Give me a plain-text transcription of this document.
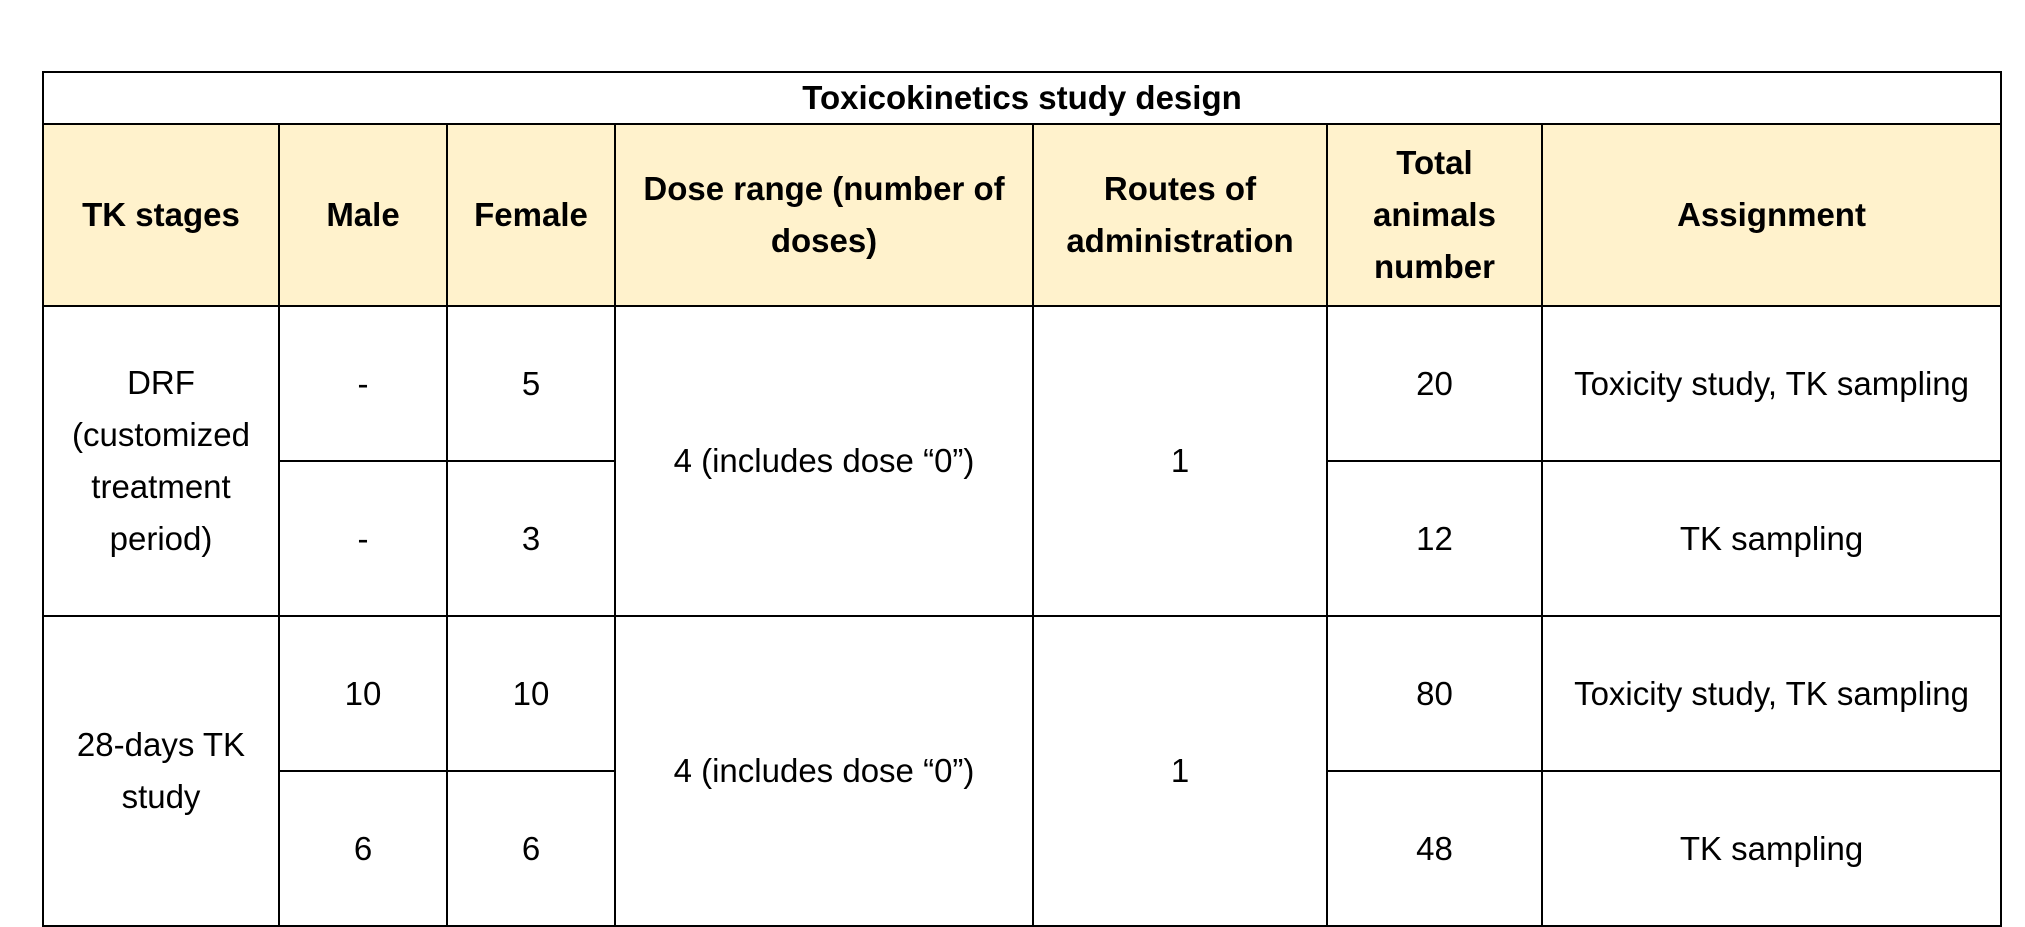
Toxicokinetics study design						
TK stages	Male	Female	Dose range (number of doses)	Routes of administration	Total animals number	Assignment
DRF (customized treatment period)	-	5	4 (includes dose “0”)	1	20	Toxicity study, TK sampling
	-	3			12	TK sampling
28-days TK study	10	10	4 (includes dose “0”)	1	80	Toxicity study, TK sampling
	6	6			48	TK sampling
